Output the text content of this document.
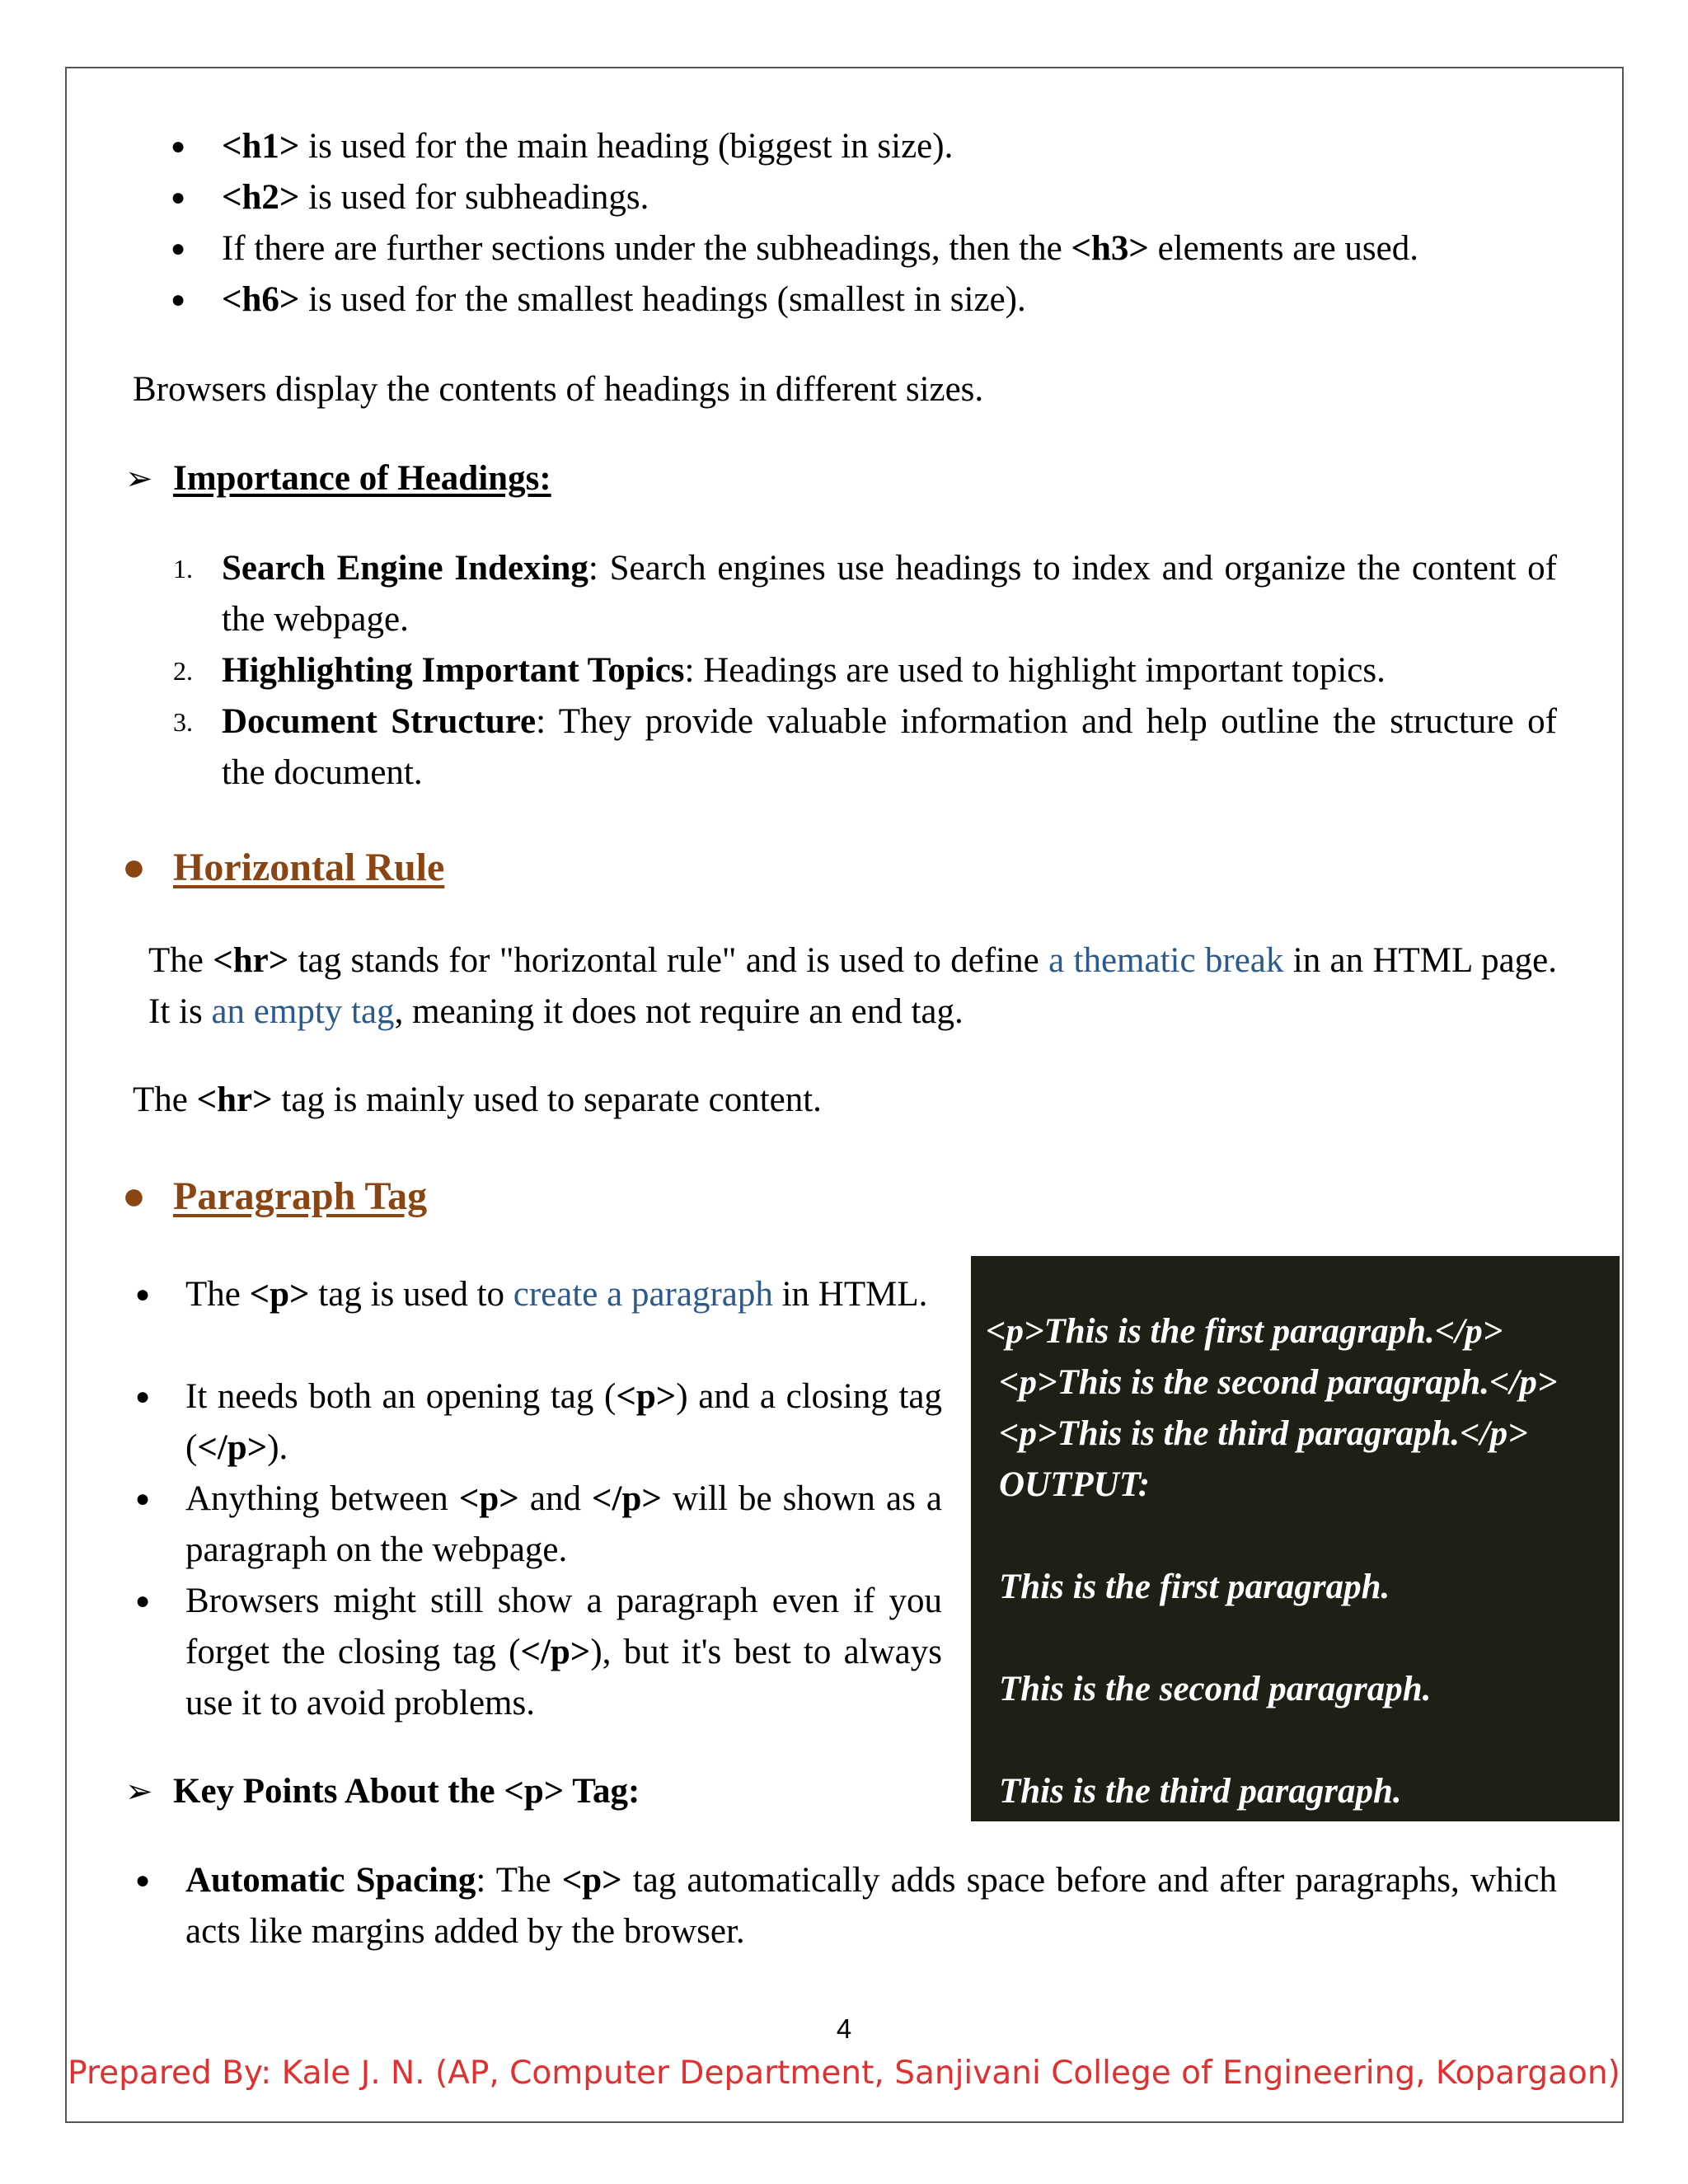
● <h1> is used for the main heading (biggest in size).
● <h2> is used for subheadings.
● If there are further sections under the subheadings, then the <h3> elements are used.
● <h6> is used for the smallest headings (smallest in size).
Browsers display the contents of headings in different sizes.
➢ Importance of Headings:
1. Search Engine Indexing: Search engines use headings to index and organize the content of the webpage.
2. Highlighting Important Topics: Headings are used to highlight important topics.
3. Document Structure: They provide valuable information and help outline the structure of the document.
● Horizontal Rule
The <hr> tag stands for "horizontal rule" and is used to define a thematic break in an HTML page. It is an empty tag, meaning it does not require an end tag.
The <hr> tag is mainly used to separate content.
● Paragraph Tag
● The <p> tag is used to create a paragraph in HTML.
● It needs both an opening tag (<p>) and a closing tag (</p>).
● Anything between <p> and </p> will be shown as a paragraph on the webpage.
● Browsers might still show a paragraph even if you forget the closing tag (</p>), but it's best to always use it to avoid problems.
<p>This is the first paragraph.</p>
<p>This is the second paragraph.</p>
<p>This is the third paragraph.</p>
OUTPUT:
This is the first paragraph.
This is the second paragraph.
This is the third paragraph.
➢ Key Points About the <p> Tag:
● Automatic Spacing: The <p> tag automatically adds space before and after paragraphs, which acts like margins added by the browser.
4
Prepared By: Kale J. N. (AP, Computer Department, Sanjivani College of Engineering, Kopargaon)
